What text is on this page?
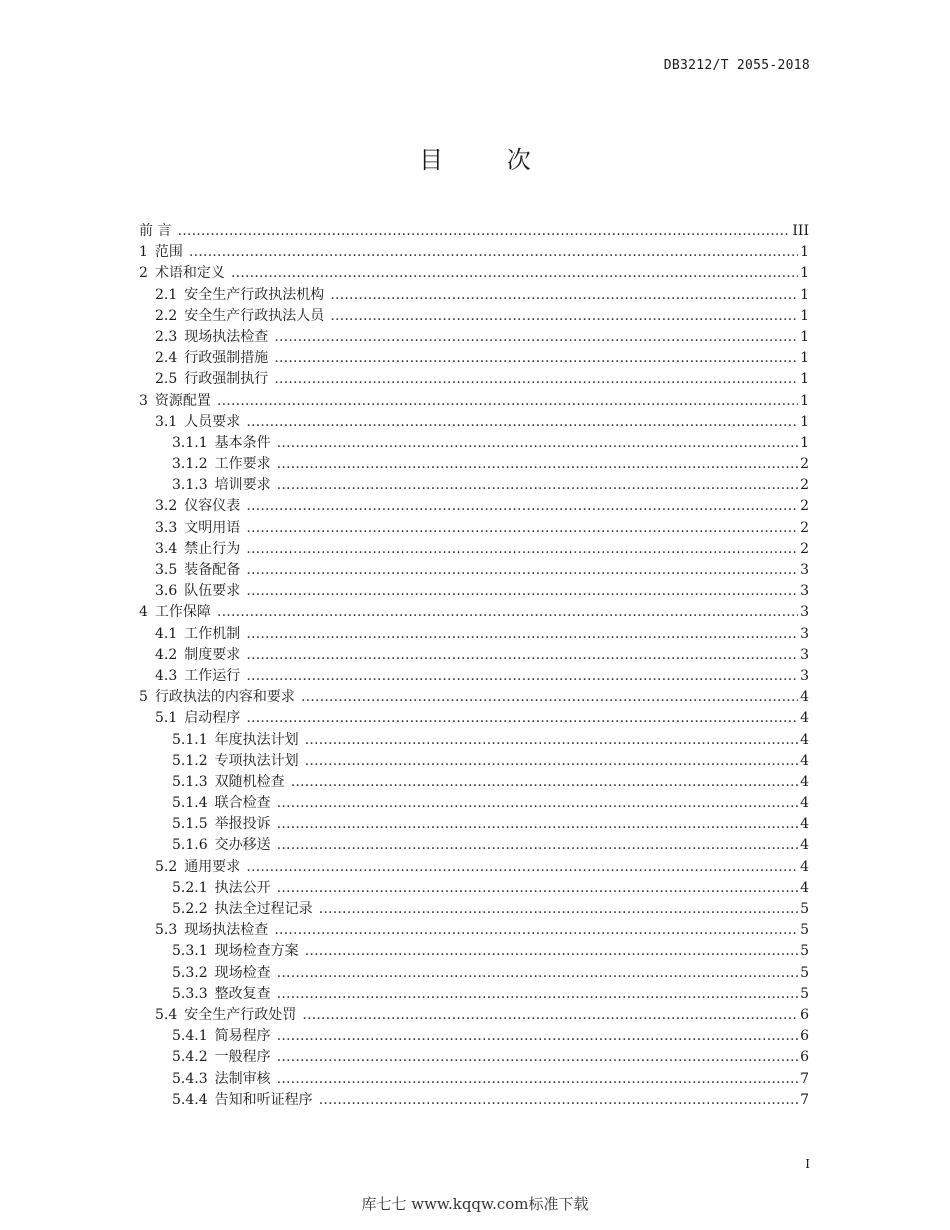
DB3212/T 2055-2018
目 次
前 言 …………………………………………………………………………………………………………………………………………………………………………………………………………………………………………	III
1 范围 …………………………………………………………………………………………………………………………………………………………………………………………………………………………………………	1
2 术语和定义 …………………………………………………………………………………………………………………………………………………………………………………………………………………………………………	1
2.1 安全生产行政执法机构 …………………………………………………………………………………………………………………………………………………………………………………………………………………………………………	1
2.2 安全生产行政执法人员 …………………………………………………………………………………………………………………………………………………………………………………………………………………………………………	1
2.3 现场执法检查 …………………………………………………………………………………………………………………………………………………………………………………………………………………………………………	1
2.4 行政强制措施 …………………………………………………………………………………………………………………………………………………………………………………………………………………………………………	1
2.5 行政强制执行 …………………………………………………………………………………………………………………………………………………………………………………………………………………………………………	1
3 资源配置 …………………………………………………………………………………………………………………………………………………………………………………………………………………………………………	1
3.1 人员要求 …………………………………………………………………………………………………………………………………………………………………………………………………………………………………………	1
3.1.1 基本条件 …………………………………………………………………………………………………………………………………………………………………………………………………………………………………………	1
3.1.2 工作要求 …………………………………………………………………………………………………………………………………………………………………………………………………………………………………………	2
3.1.3 培训要求 …………………………………………………………………………………………………………………………………………………………………………………………………………………………………………	2
3.2 仪容仪表 …………………………………………………………………………………………………………………………………………………………………………………………………………………………………………	2
3.3 文明用语 …………………………………………………………………………………………………………………………………………………………………………………………………………………………………………	2
3.4 禁止行为 …………………………………………………………………………………………………………………………………………………………………………………………………………………………………………	2
3.5 装备配备 …………………………………………………………………………………………………………………………………………………………………………………………………………………………………………	3
3.6 队伍要求 …………………………………………………………………………………………………………………………………………………………………………………………………………………………………………	3
4 工作保障 …………………………………………………………………………………………………………………………………………………………………………………………………………………………………………	3
4.1 工作机制 …………………………………………………………………………………………………………………………………………………………………………………………………………………………………………	3
4.2 制度要求 …………………………………………………………………………………………………………………………………………………………………………………………………………………………………………	3
4.3 工作运行 …………………………………………………………………………………………………………………………………………………………………………………………………………………………………………	3
5 行政执法的内容和要求 …………………………………………………………………………………………………………………………………………………………………………………………………………………………………………	4
5.1 启动程序 …………………………………………………………………………………………………………………………………………………………………………………………………………………………………………	4
5.1.1 年度执法计划 …………………………………………………………………………………………………………………………………………………………………………………………………………………………………………	4
5.1.2 专项执法计划 …………………………………………………………………………………………………………………………………………………………………………………………………………………………………………	4
5.1.3 双随机检查 …………………………………………………………………………………………………………………………………………………………………………………………………………………………………………	4
5.1.4 联合检查 …………………………………………………………………………………………………………………………………………………………………………………………………………………………………………	4
5.1.5 举报投诉 …………………………………………………………………………………………………………………………………………………………………………………………………………………………………………	4
5.1.6 交办移送 …………………………………………………………………………………………………………………………………………………………………………………………………………………………………………	4
5.2 通用要求 …………………………………………………………………………………………………………………………………………………………………………………………………………………………………………	4
5.2.1 执法公开 …………………………………………………………………………………………………………………………………………………………………………………………………………………………………………	4
5.2.2 执法全过程记录 …………………………………………………………………………………………………………………………………………………………………………………………………………………………………………	5
5.3 现场执法检查 …………………………………………………………………………………………………………………………………………………………………………………………………………………………………………	5
5.3.1 现场检查方案 …………………………………………………………………………………………………………………………………………………………………………………………………………………………………………	5
5.3.2 现场检查 …………………………………………………………………………………………………………………………………………………………………………………………………………………………………………	5
5.3.3 整改复查 …………………………………………………………………………………………………………………………………………………………………………………………………………………………………………	5
5.4 安全生产行政处罚 …………………………………………………………………………………………………………………………………………………………………………………………………………………………………………	6
5.4.1 简易程序 …………………………………………………………………………………………………………………………………………………………………………………………………………………………………………	6
5.4.2 一般程序 …………………………………………………………………………………………………………………………………………………………………………………………………………………………………………	6
5.4.3 法制审核 …………………………………………………………………………………………………………………………………………………………………………………………………………………………………………	7
5.4.4 告知和听证程序 …………………………………………………………………………………………………………………………………………………………………………………………………………………………………………	7
I
库七七 www.kqqw.com标准下载
